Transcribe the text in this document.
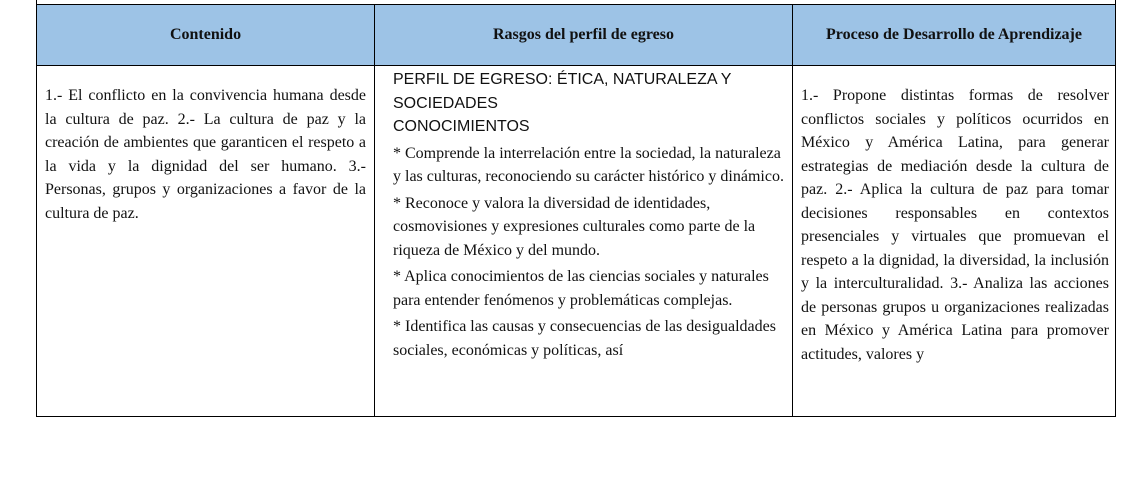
Contenido	Rasgos del perfil de egreso	Proceso de Desarrollo de Aprendizaje
1.- El conflicto en la convivencia humana desde la cultura de paz. 2.- La cultura de paz y la creación de ambientes que garanticen el respeto a la vida y la dignidad del ser humano. 3.- Personas, grupos y organizaciones a favor de la cultura de paz.

PERFIL DE EGRESO: ÉTICA, NATURALEZA Y SOCIEDADES

CONOCIMIENTOS

* Comprende la interrelación entre la sociedad, la naturaleza y las culturas, reconociendo su carácter histórico y dinámico.

* Reconoce y valora la diversidad de identidades, cosmovisiones y expresiones culturales como parte de la riqueza de México y del mundo.

* Aplica conocimientos de las ciencias sociales y naturales para entender fenómenos y problemáticas complejas.

* Identifica las causas y consecuencias de las desigualdades sociales, económicas y políticas, así

1.- Propone distintas formas de resolver conflictos sociales y políticos ocurridos en México y América Latina, para generar estrategias de mediación desde la cultura de paz. 2.- Aplica la cultura de paz para tomar decisiones responsables en contextos presenciales y virtuales que promuevan el respeto a la dignidad, la diversidad, la inclusión y la interculturalidad. 3.- Analiza las acciones de personas grupos u organizaciones realizadas en México y América Latina para promover actitudes, valores y
